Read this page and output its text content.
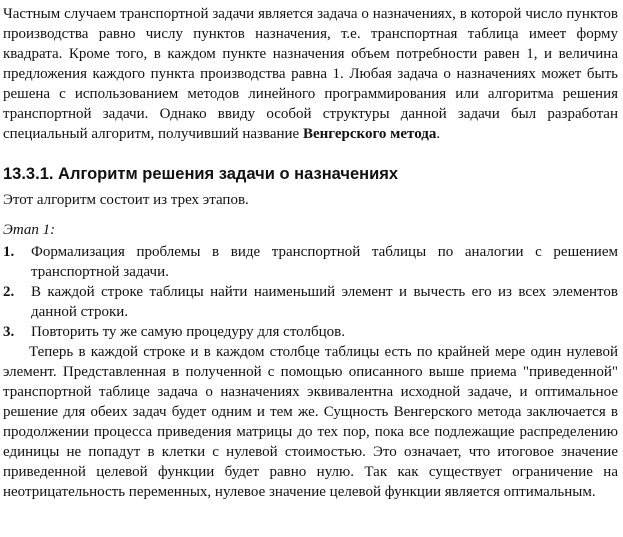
Частным случаем транспортной задачи является задача о назначениях, в которой число пунктов производства равно числу пунктов назначения, т.е. транспортная таблица имеет форму квадрата. Кроме того, в каждом пункте назначения объем потребности равен 1, и величина предложения каждого пункта производства равна 1. Любая задача о назначениях может быть решена с использованием методов линейного программирования или алгоритма решения транспортной задачи. Однако ввиду особой структуры данной задачи был разработан специальный алгоритм, получивший название Венгерского метода.

13.3.1. Алгоритм решения задачи о назначениях

Этот алгоритм состоит из трех этапов.

Этап 1:

1. Формализация проблемы в виде транспортной таблицы по аналогии с решением транспортной задачи.
2. В каждой строке таблицы найти наименьший элемент и вычесть его из всех элементов данной строки.
3. Повторить ту же самую процедуру для столбцов.

Теперь в каждой строке и в каждом столбце таблицы есть по крайней мере один нулевой элемент. Представленная в полученной с помощью описанного выше приема "приведенной" транспортной таблице задача о назначениях эквивалентна исходной задаче, и оптимальное решение для обеих задач будет одним и тем же. Сущность Венгерского метода заключается в продолжении процесса приведения матрицы до тех пор, пока все подлежащие распределению единицы не попадут в клетки с нулевой стоимостью. Это означает, что итоговое значение приведенной целевой функции будет равно нулю. Так как существует ограничение на неотрицательность переменных, нулевое значение целевой функции является оптимальным.
